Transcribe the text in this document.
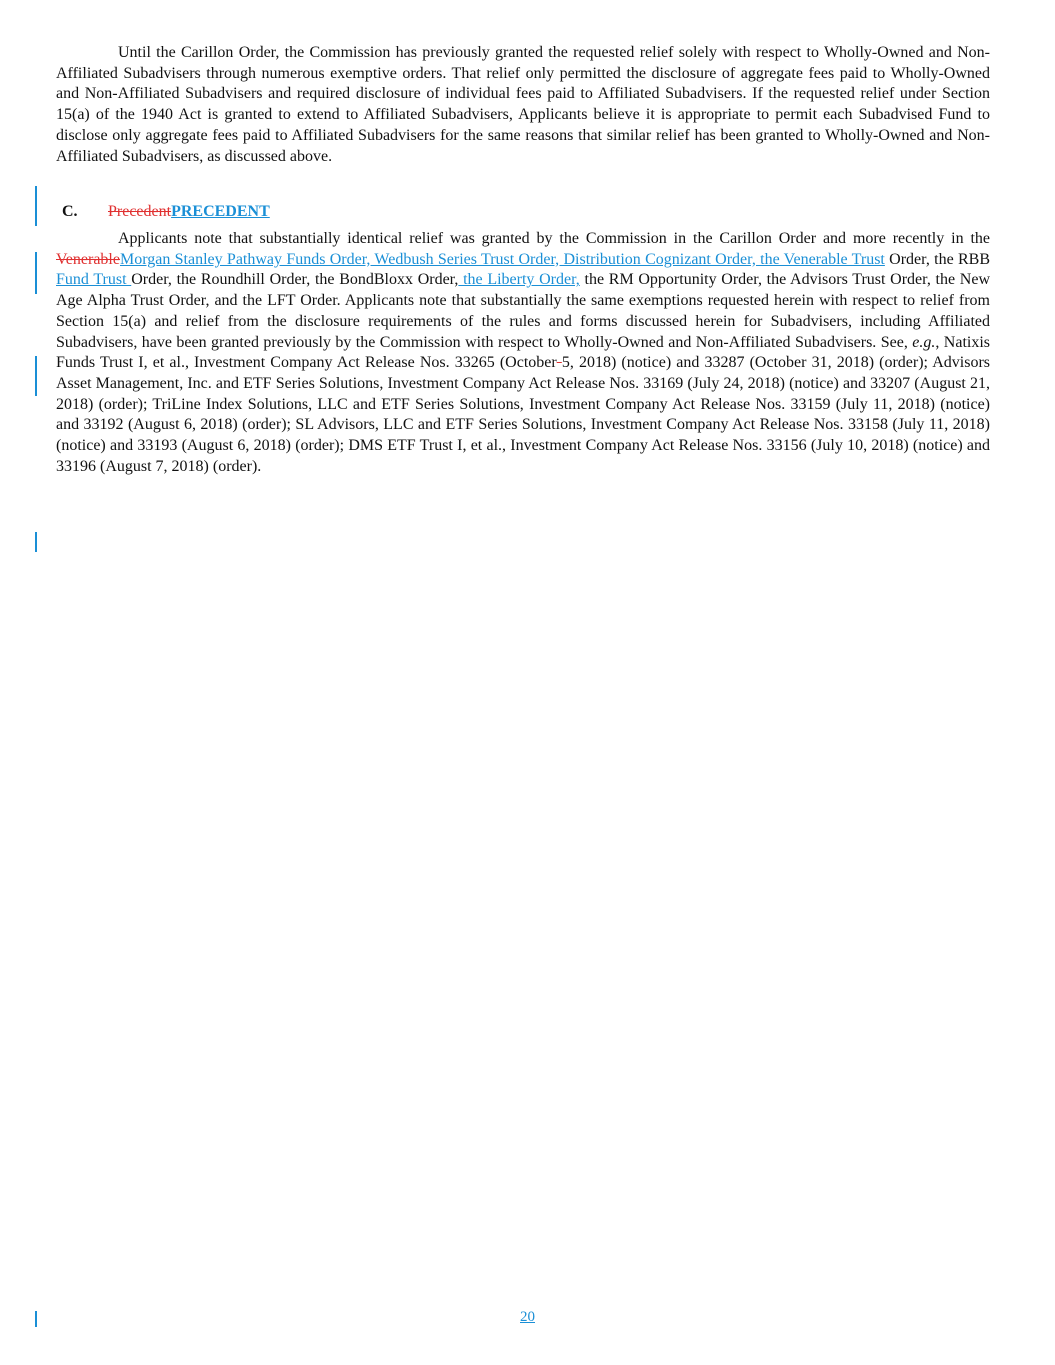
Until the Carillon Order, the Commission has previously granted the requested relief solely with respect to Wholly-Owned and Non-Affiliated Subadvisers through numerous exemptive orders. That relief only permitted the disclosure of aggregate fees paid to Wholly-Owned and Non-Affiliated Subadvisers and required disclosure of individual fees paid to Affiliated Subadvisers. If the requested relief under Section 15(a) of the 1940 Act is granted to extend to Affiliated Subadvisers, Applicants believe it is appropriate to permit each Subadvised Fund to disclose only aggregate fees paid to Affiliated Subadvisers for the same reasons that similar relief has been granted to Wholly-Owned and Non-Affiliated Subadvisers, as discussed above.

C. PrecedentPRECEDENT

Applicants note that substantially identical relief was granted by the Commission in the Carillon Order and more recently in the VenerableMorgan Stanley Pathway Funds Order, Wedbush Series Trust Order, Distribution Cognizant Order, the Venerable Trust Order, the RBB Fund Trust Order, the Roundhill Order, the BondBloxx Order, the Liberty Order, the RM Opportunity Order, the Advisors Trust Order, the New Age Alpha Trust Order, and the LFT Order. Applicants note that substantially the same exemptions requested herein with respect to relief from Section 15(a) and relief from the disclosure requirements of the rules and forms discussed herein for Subadvisers, including Affiliated Subadvisers, have been granted previously by the Commission with respect to Wholly-Owned and Non-Affiliated Subadvisers. See, e.g., Natixis Funds Trust I, et al., Investment Company Act Release Nos. 33265 (October 5, 2018) (notice) and 33287 (October 31, 2018) (order); Advisors Asset Management, Inc. and ETF Series Solutions, Investment Company Act Release Nos. 33169 (July 24, 2018) (notice) and 33207 (August 21, 2018) (order); TriLine Index Solutions, LLC and ETF Series Solutions, Investment Company Act Release Nos. 33159 (July 11, 2018) (notice) and 33192 (August 6, 2018) (order); SL Advisors, LLC and ETF Series Solutions, Investment Company Act Release Nos. 33158 (July 11, 2018) (notice) and 33193 (August 6, 2018) (order); DMS ETF Trust I, et al., Investment Company Act Release Nos. 33156 (July 10, 2018) (notice) and 33196 (August 7, 2018) (order).

20
